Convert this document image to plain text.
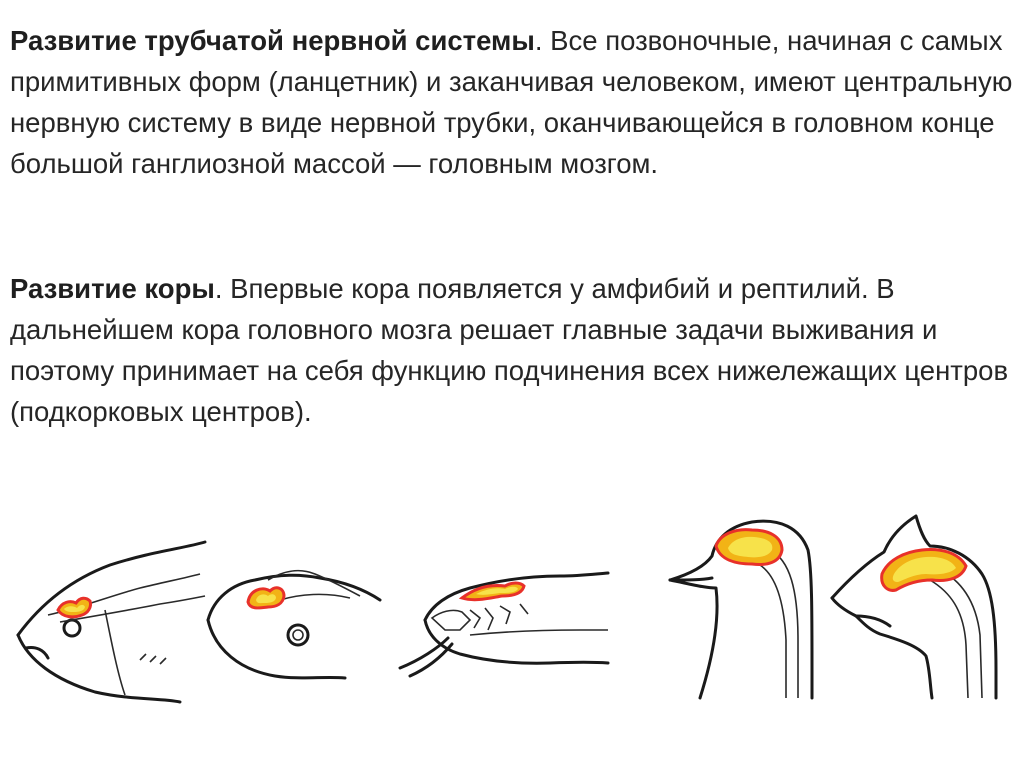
Развитие трубчатой нервной системы. Все позвоночные, начиная с самых примитивных форм (ланцетник) и заканчивая человеком, имеют центральную нервную систему в виде нервной трубки, оканчивающейся в головном конце большой ганглиозной массой — головным мозгом.

Развитие коры. Впервые кора появляется у амфибий и рептилий. В дальнейшем кора головного мозга решает главные задачи выживания и поэтому принимает на себя функцию подчинения всех нижележащих центров (подкорковых центров).
